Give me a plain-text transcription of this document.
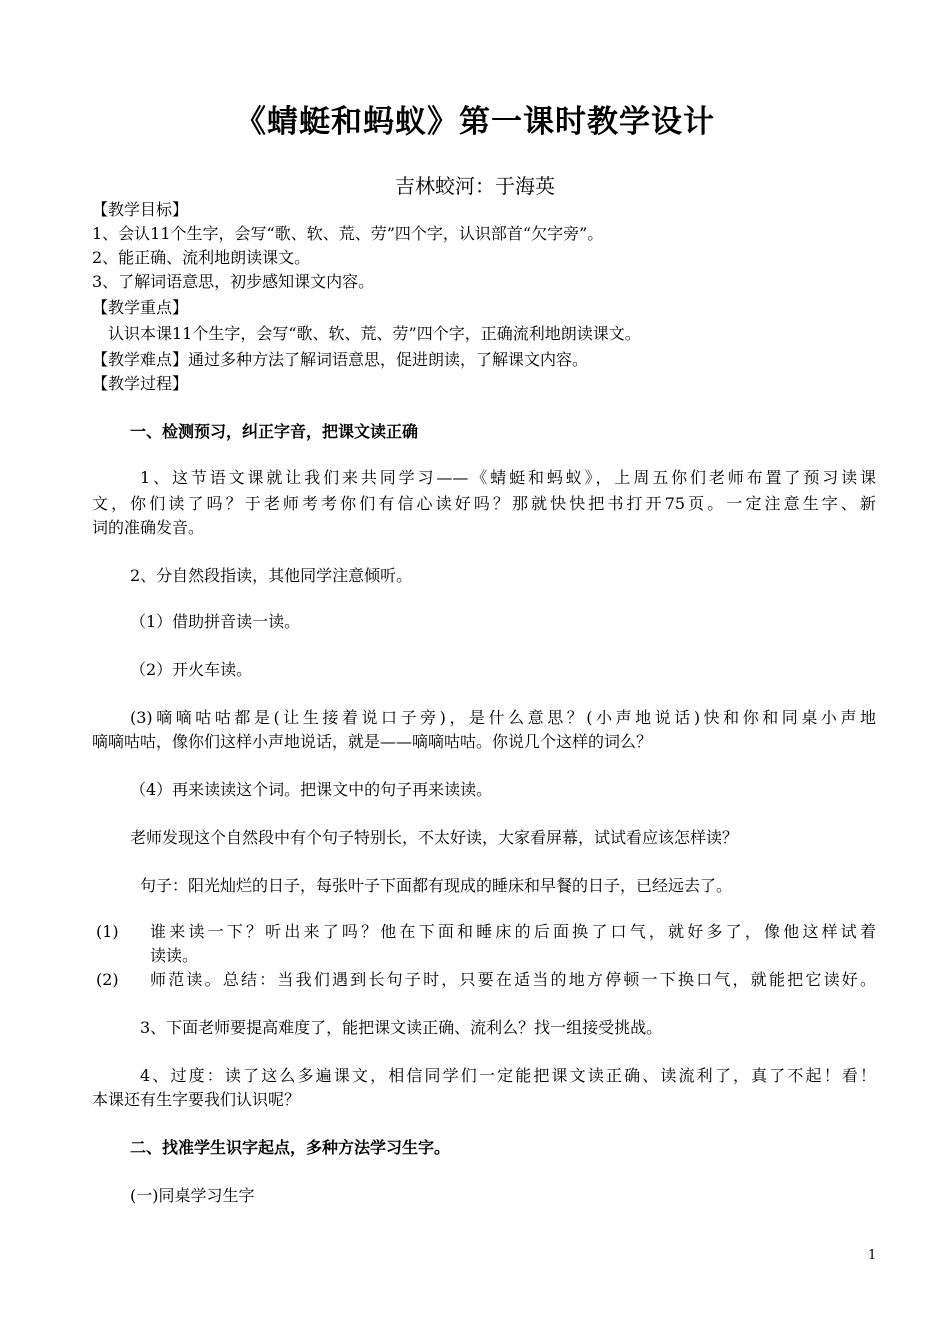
《蜻蜓和蚂蚁》第一课时教学设计
吉林蛟河：于海英
【教学目标】
1、会认11个生字，会写“歌、软、荒、劳”四个字，认识部首“欠字旁”。
2、能正确、流利地朗读课文。
3、了解词语意思，初步感知课文内容。
【教学重点】
认识本课11个生字，会写“歌、软、荒、劳”四个字，正确流利地朗读课文。
【教学难点】通过多种方法了解词语意思，促进朗读，了解课文内容。
【教学过程】
一、检测预习，纠正字音，把课文读正确
1、这节语文课就让我们来共同学习——《蜻蜓和蚂蚁》，上周五你们老师布置了预习读课
文，你们读了吗？于老师考考你们有信心读好吗？那就快快把书打开75页。一定注意生字、新
词的准确发音。
2、分自然段指读，其他同学注意倾听。
（1）借助拼音读一读。
（2）开火车读。
(3)嘀嘀咕咕都是(让生接着说口子旁)，是什么意思？(小声地说话)快和你和同桌小声地
嘀嘀咕咕，像你们这样小声地说话，就是——嘀嘀咕咕。你说几个这样的词么？
（4）再来读读这个词。把课文中的句子再来读读。
老师发现这个自然段中有个句子特别长，不太好读，大家看屏幕，试试看应该怎样读？
句子：阳光灿烂的日子，每张叶子下面都有现成的睡床和早餐的日子，已经远去了。
(1) 谁来读一下？听出来了吗？他在下面和睡床的后面换了口气，就好多了，像他这样试着
读读。
(2) 师范读。总结：当我们遇到长句子时，只要在适当的地方停顿一下换口气，就能把它读好。
3、下面老师要提高难度了，能把课文读正确、流利么？找一组接受挑战。
4、过度：读了这么多遍课文，相信同学们一定能把课文读正确、读流利了，真了不起！看！
本课还有生字要我们认识呢？
二、找准学生识字起点，多种方法学习生字。
(一)同桌学习生字
1
